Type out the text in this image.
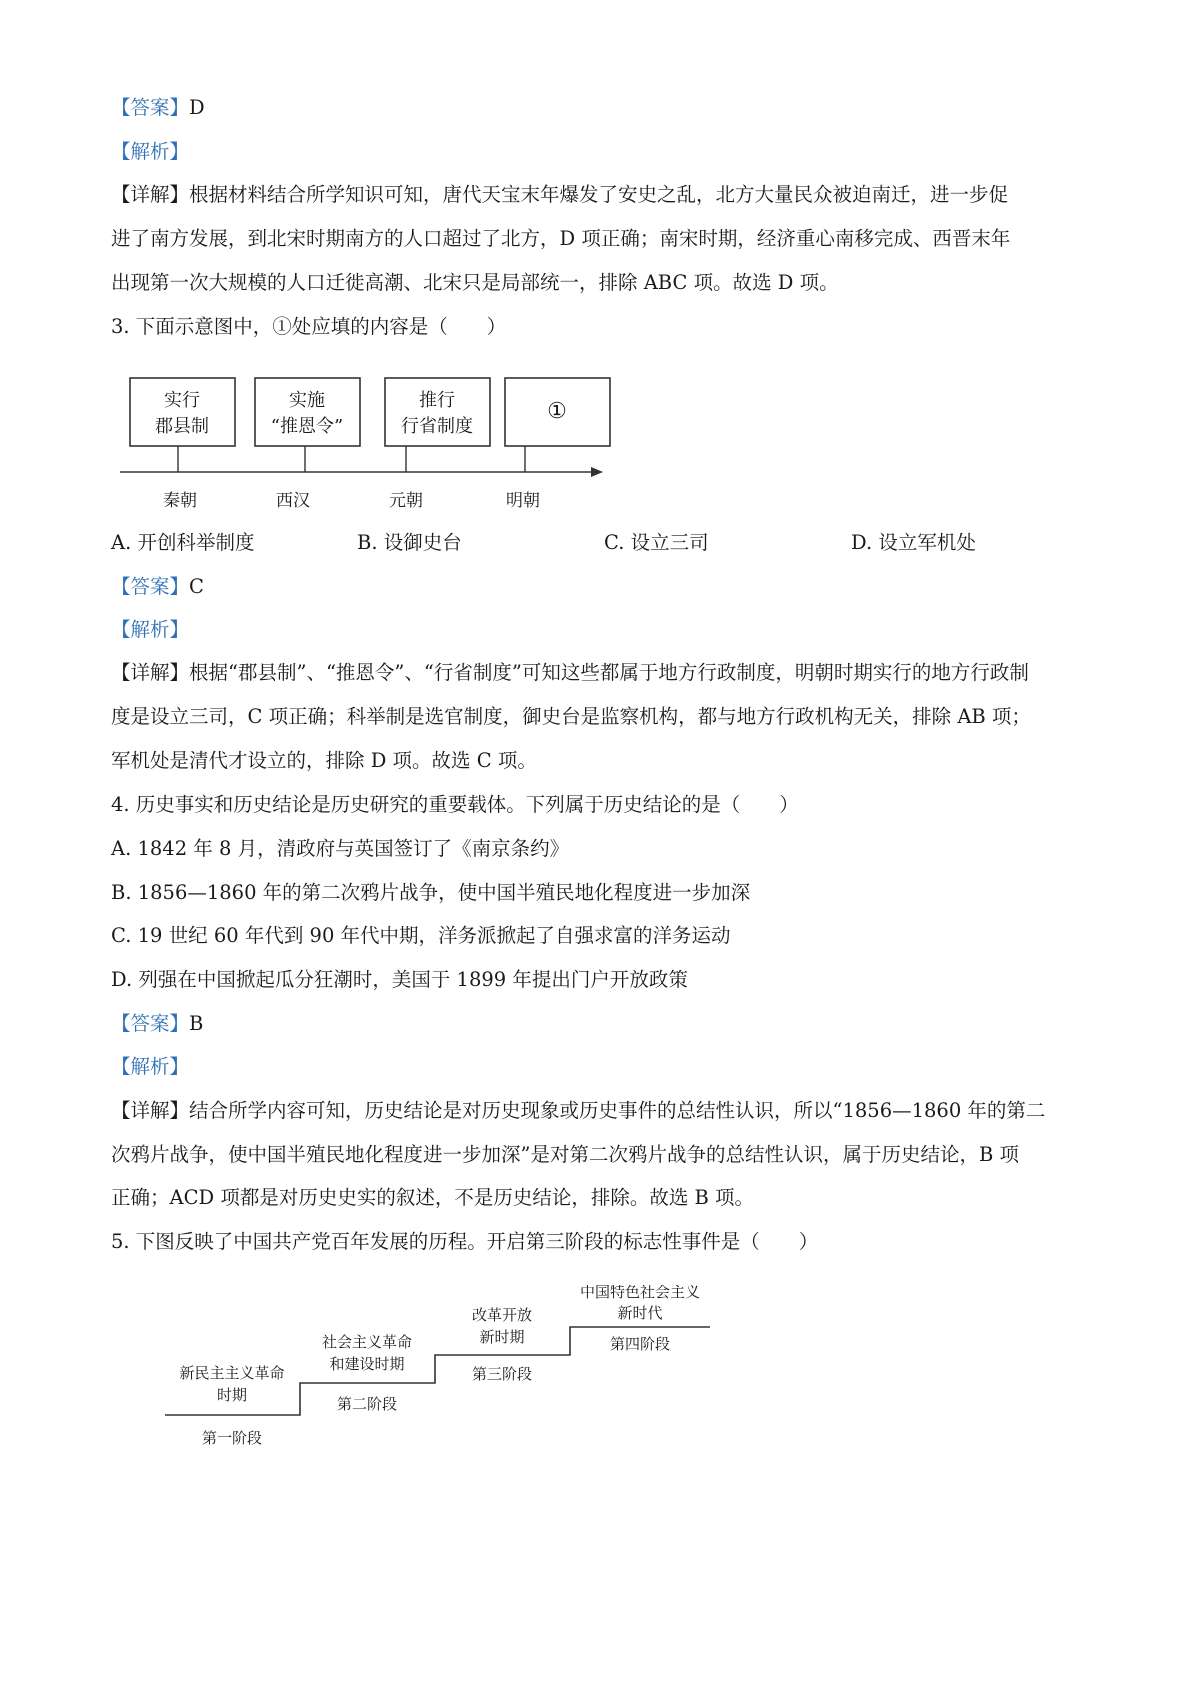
【答案】D
【解析】
【详解】根据材料结合所学知识可知，唐代天宝末年爆发了安史之乱，北方大量民众被迫南迁，进一步促
进了南方发展，到北宋时期南方的人口超过了北方，D 项正确；南宋时期，经济重心南移完成、西晋末年
出现第一次大规模的人口迁徙高潮、北宋只是局部统一，排除 ABC 项。故选 D 项。
3. 下面示意图中，①处应填的内容是（　　）
实行
郡县制
实施
“推恩令”
推行
行省制度
①
秦朝	西汉	元朝	明朝
A. 开创科举制度	B. 设御史台	C. 设立三司	D. 设立军机处
【答案】C
【解析】
【详解】根据“郡县制”、“推恩令”、“行省制度”可知这些都属于地方行政制度，明朝时期实行的地方行政制
度是设立三司，C 项正确；科举制是选官制度，御史台是监察机构，都与地方行政机构无关，排除 AB 项；
军机处是清代才设立的，排除 D 项。故选 C 项。
4. 历史事实和历史结论是历史研究的重要载体。下列属于历史结论的是（　　）
A. 1842 年 8 月，清政府与英国签订了《南京条约》
B. 1856—1860 年的第二次鸦片战争，使中国半殖民地化程度进一步加深
C. 19 世纪 60 年代到 90 年代中期，洋务派掀起了自强求富的洋务运动
D. 列强在中国掀起瓜分狂潮时，美国于 1899 年提出门户开放政策
【答案】B
【解析】
【详解】结合所学内容可知，历史结论是对历史现象或历史事件的总结性认识，所以“1856—1860 年的第二
次鸦片战争，使中国半殖民地化程度进一步加深”是对第二次鸦片战争的总结性认识，属于历史结论，B 项
正确；ACD 项都是对历史史实的叙述，不是历史结论，排除。故选 B 项。
5. 下图反映了中国共产党百年发展的历程。开启第三阶段的标志性事件是（　　）
新民主主义革命
时期
第一阶段
社会主义革命
和建设时期
第二阶段
改革开放
新时期
第三阶段
中国特色社会主义
新时代
第四阶段
